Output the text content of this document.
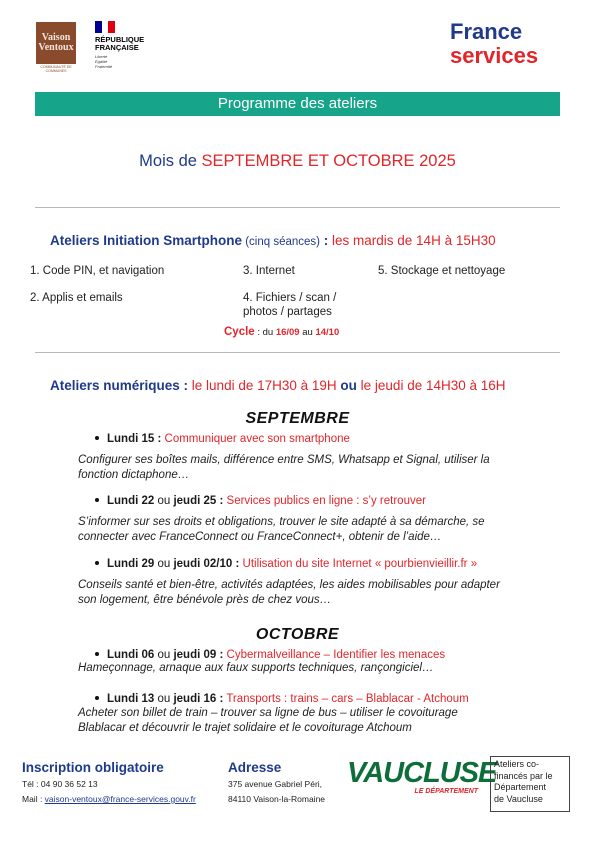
Vaison
Ventoux
COMMUNAUTÉ DE COMMUNES
RÉPUBLIQUE
FRANÇAISE
Liberté
Égalité
Fraternité
France
services
Programme des ateliers
Mois de SEPTEMBRE ET OCTOBRE 2025
Ateliers Initiation Smartphone (cinq séances) : les mardis de 14H à 15H30
1. Code PIN, et navigation	3. Internet	5. Stockage et nettoyage
2. Applis et emails	4. Fichiers / scan /
photos / partages
Cycle : du 16/09 au 14/10
Ateliers numériques : le lundi de 17H30 à 19H ou le jeudi de 14H30 à 16H
SEPTEMBRE
Lundi 15 : Communiquer avec son smartphone
Configurer ses boîtes mails, différence entre SMS, Whatsapp et Signal, utiliser la
fonction dictaphone…
Lundi 22 ou jeudi 25 : Services publics en ligne : s’y retrouver
S’informer sur ses droits et obligations, trouver le site adapté à sa démarche, se
connecter avec FranceConnect ou FranceConnect+, obtenir de l’aide…
Lundi 29 ou jeudi 02/10 : Utilisation du site Internet « pourbienvieillir.fr »
Conseils santé et bien-être, activités adaptées, les aides mobilisables pour adapter
son logement, être bénévole près de chez vous…
OCTOBRE
Lundi 06 ou jeudi 09 : Cybermalveillance – Identifier les menaces
Hameçonnage, arnaque aux faux supports techniques, rançongiciel…
Lundi 13 ou jeudi 16 : Transports : trains – cars – Blablacar - Atchoum
Acheter son billet de train – trouver sa ligne de bus – utiliser le covoiturage
Blablacar et découvrir le trajet solidaire et le covoiturage Atchoum
Inscription obligatoire
Tél : 04 90 36 52 13
Mail : vaison-ventoux@france-services.gouv.fr
Adresse
375 avenue Gabriel Péri,
84110 Vaison-la-Romaine
VAUCLUSE
LE DÉPARTEMENT
Ateliers co-
financés par le
Département
de Vaucluse
